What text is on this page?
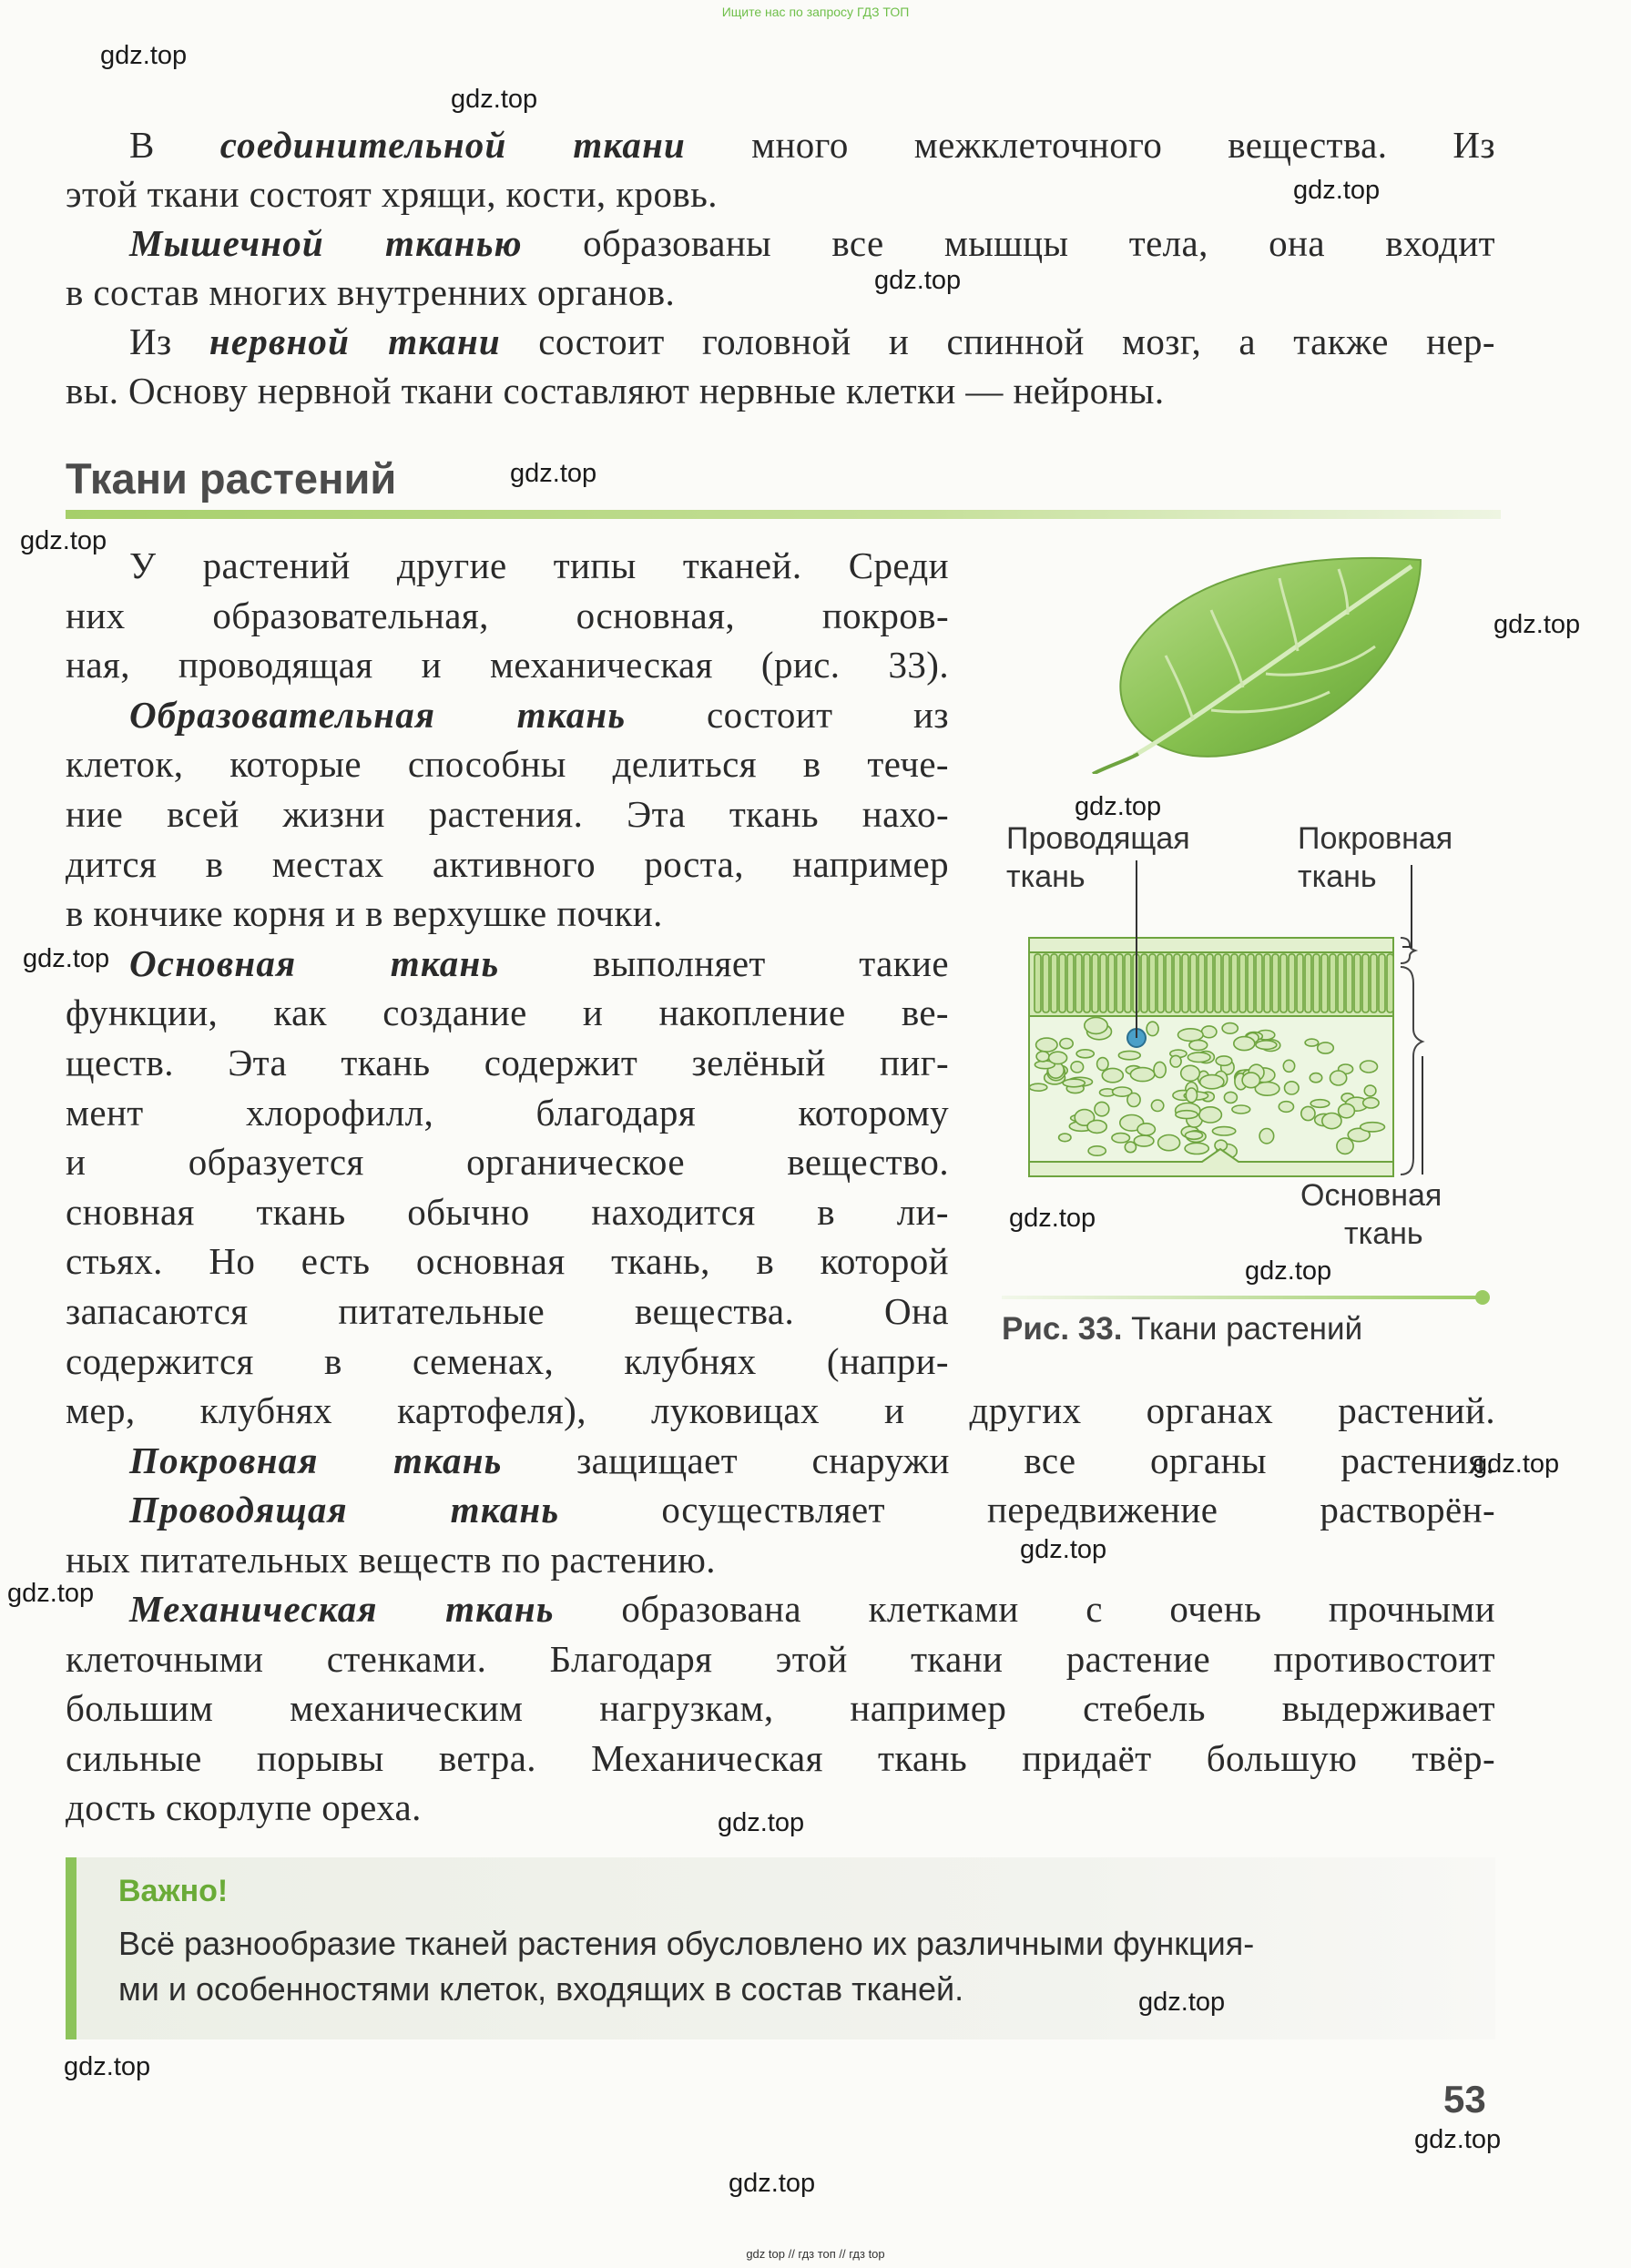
Ищите нас по запросу ГДЗ ТОП
В соединительной ткани много межклеточного вещества. Из
этой ткани состоят хрящи, кости, кровь.
Мышечной тканью образованы все мышцы тела, она входит
в состав многих внутренних органов.
Из нервной ткани состоит головной и спинной мозг, а также нер-
вы. Основу нервной ткани составляют нервные клетки — нейроны.
Ткани растений
У растений другие типы тканей. Среди
них образовательная, основная, покров-
ная, проводящая и механическая (рис. 33).
Образовательная ткань состоит из
клеток, которые способны делиться в тече-
ние всей жизни растения. Эта ткань нахо-
дится в местах активного роста, например
в кончике корня и в верхушке почки.
Основная ткань выполняет такие
функции, как создание и накопление ве-
ществ. Эта ткань содержит зелёный пиг-
мент хлорофилл, благодаря которому
и образуется органическое вещество.
сновная ткань обычно находится в ли-
стьях. Но есть основная ткань, в которой
запасаются питательные вещества. Она
содержится в семенах, клубнях (напри-
мер, клубнях картофеля), луковицах и других органах растений.
Покровная ткань защищает снаружи все органы растения.
Проводящая ткань осуществляет передвижение растворён-
ных питательных веществ по растению.
Механическая ткань образована клетками с очень прочными
клеточными стенками. Благодаря этой ткани растение противостоит
большим механическим нагрузкам, например стебель выдерживает
сильные порывы ветра. Механическая ткань придаёт большую твёр-
дость скорлупе ореха.
Проводящая
ткань
Покровная
ткань
Основная
ткань
Рис. 33. Ткани растений
Важно!
Всё разнообразие тканей растения обусловлено их различными функция-
ми и особенностями клеток, входящих в состав тканей.
53
gdz.top
gdz.top
gdz.top
gdz.top
gdz.top
gdz.top
gdz.top
gdz.top
gdz.top
gdz.top
gdz.top
gdz.top
gdz.top
gdz.top
gdz.top
gdz.top
gdz.top
gdz.top
gdz.top
gdz top // гдз топ // гдз top
